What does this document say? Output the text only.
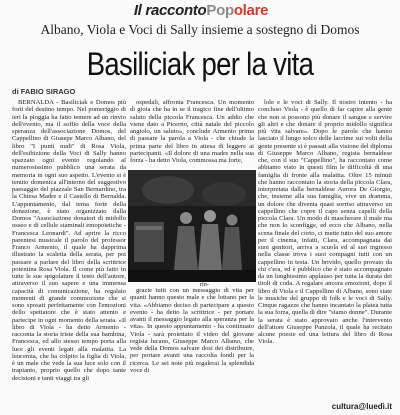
Il raccontoPopolare
Albano, Viola e Voci di Sally insieme a sostegno di Domos
Basiliciak per la vita
di FABIO SIRAGO

BERNALDA - Basiliciak e Domos più forti del destino tempo. Nel pomeriggio di ieri la pioggia ha fatto temere ad un rinvio dell'evento, ma il soffio della voce della speranza dell'associazione Domos, del Cappellino di Giusepe Marco Albano, del libro "I punti nudi" di Rosa Viola, dell'esibizione della Voci di Sally hanno spazzato ogni evento regolando al numerosissimo pubblico una serata da memoria in ogni suo aspetto. L'evento si è tenuto domenica all'interno del suggestivo paesaggio del piazzale San Bernardino, tra la Chiesa Madre e il Castello di Bernalda. L'appuntamento, dal tema forte della donazione, è stato organizzato dalla Domos "Associazione donatori di midollo osseo e di cellule staminali emopoietiche - Francesca Leonardi". Ad aprire la ricco parentesi musicale il parolo del professor Franco Armento, il quale ha dapprima illustrato la scaletta della serata, per poi passare a parlare del libro della scrittrice potentina Rosa Viola. Il come più fatto in tutte le sue spigolature il testo dell'autore, attraverso il suo sapere e una immensa capacità di comunicazione, ha regalato momenti di grande commozione che si sono sposati perfettamente con l'emozioni dello spettatore che è stato attento e partecipe in ogni momento della serata. «Il libro di Viola - ha detto Armento - racconta la storia triste della sua bambina, Francesca, ed allo stesso tempo porta alla luce gli eventi legati alla malattia. La leucemia, che ha colpito la figlia di Viola, è un male che vede la sua luce solo con il trapianto, proprio quello che dopo tante decisioni e tanti viaggi tra gli

ospedali, affronta Francesca. Un momento di gioia che ha in se il tragico fine dell'ultimo saluto della piccola Francesca. Un addio che viene dato a Picerno, città natale del piccolo angiolo, un saluto», conclude Armento prima di passare la parola a Viola - che chiude la prima parte del libro in attesa di leggere ai partecipanti. «Il dolore di una madre nella sua forza - ha detto Viola, commossa ma forte,

rin-

grazie tutti con un messaggio di vita per quanti hanno questo male e che lottano per la vita. «Abbiamo deciso di partecipare a questo evento - ha detto la scrittrice - per portare avanti il messaggio legato alla speranza per la vita». In questo appuntamento - ha continuato Viola - sarà proiettato il video del giovane regista lucano, Giuseppe Marco Albano, che vede della Domos salvare dosi dei distribuire, per portare avanti una raccolta fondi per la ricerca. Le sei note più regalerai la splendida voce di

lole e le voci di Sally. Il nostro intento - ha concluso Viola - è quello di far capire alla gente che non si possono più donare il sangue e servire gli altri e che donare il proprio midollo significa più vita salvare». Dopo le parole che hanno lasciato il lungo solco delle lacrime sui volti della gente presente si è passati alla visione del diploma di Giuseppe Marco Albano, regista bernaldese che, con il suo "Cappellino", ha raccontato come abbiamo visto in questi film le difficoltà di una famiglia di fronte alla malattia. Oltre 15 minuti che hanno raccontato la storia della piccola Clara, interpretata dalla bernaldese Aurora De Giorgio, che, insieme alla sua famiglia, vive un dramma, un dolore che diventa quasi sorriso attraverso un cappellino che copre il capo senza capelli della piccola Clara. Un modo di mascherare il male ma che non lo sconfigge, ed ecco che Albano, nella scena finale del corto, ci mette tutto del suo amore per il cinema, infatti, Clara, accompagnata dai suoi genitori, arriva a scuola ed al suo ingresso nella classe trova i suoi compagni tutti con un cappellino in testa. Un brivido, quello provato da chi c'era, ed è pubblico che è stato accompagnato da un lunghissimo applauso per tutta la durata dei titoli di coda. A regalare ancora emozioni, dopo il libro di Viola e il Cappellino di Albano, sono state le musiche del gruppo di folk e le voci di Sally. Cinque ragazze che hanno incantato la platea tutta la sua forza, quella di dire "siamo donne". Durante la serata è stato approvato anche l'intervento dell'attore Giuseppe Panzola, il quale ha recitato alcune poesie ed una lettura del libro di Rosa Viola.

cultura@luedì.it
